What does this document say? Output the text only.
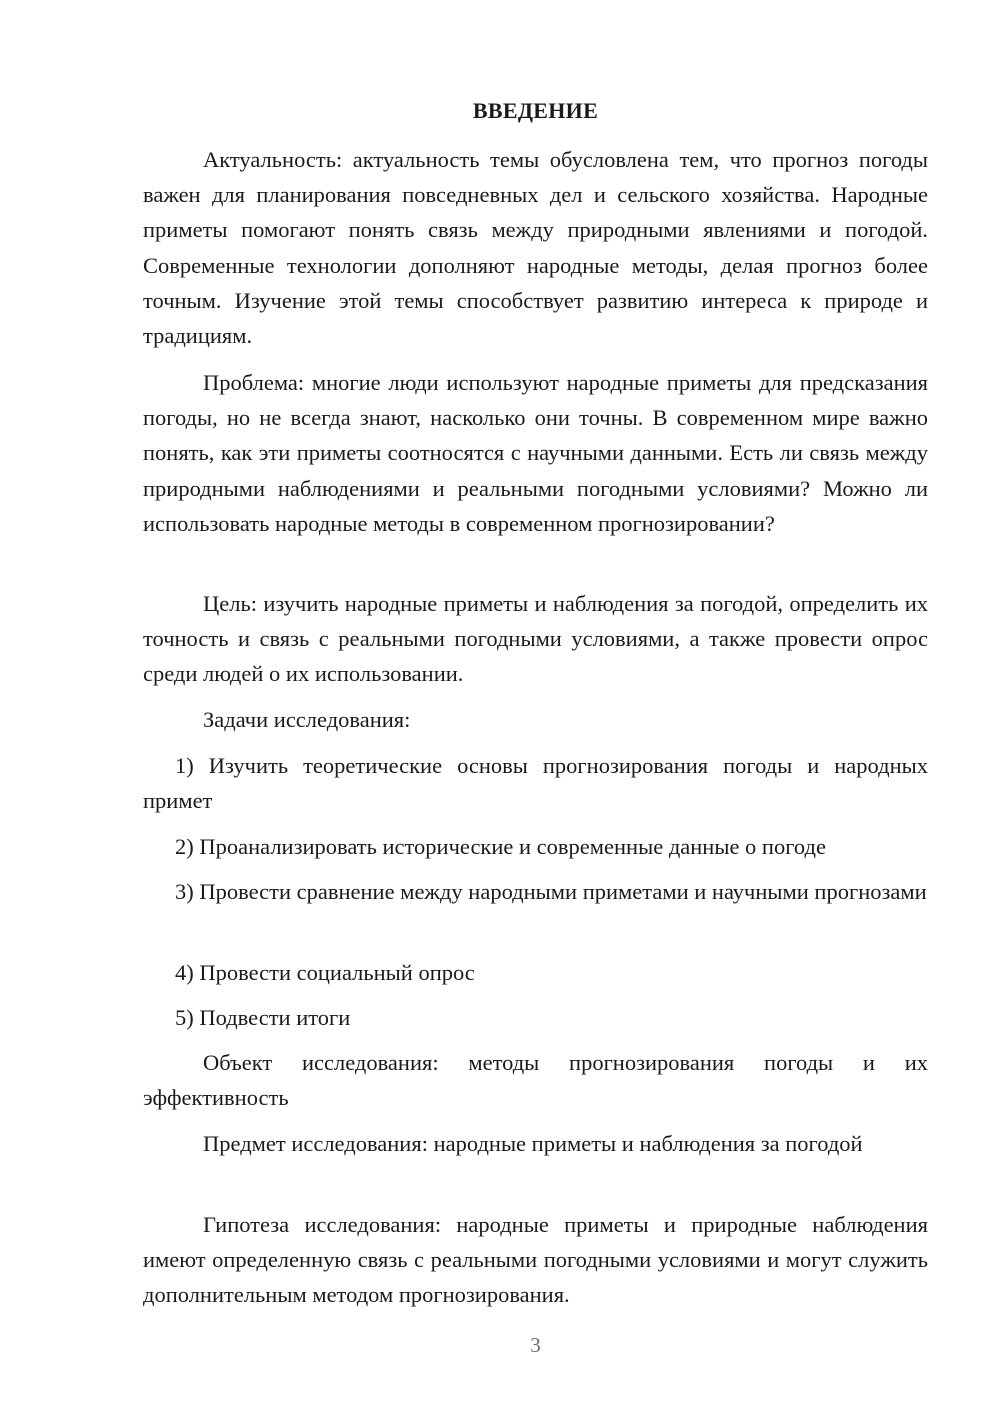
ВВЕДЕНИЕ

Актуальность: актуальность темы обусловлена тем, что прогноз погоды важен для планирования повседневных дел и сельского хозяйства. Народные приметы помогают понять связь между природными явлениями и погодой. Современные технологии дополняют народные методы, делая прогноз более точным. Изучение этой темы способствует развитию интереса к природе и традициям.

Проблема: многие люди используют народные приметы для предсказания погоды, но не всегда знают, насколько они точны. В современном мире важно понять, как эти приметы соотносятся с научными данными. Есть ли связь между природными наблюдениями и реальными погодными условиями? Можно ли использовать народные методы в современном прогнозировании?

Цель: изучить народные приметы и наблюдения за погодой, определить их точность и связь с реальными погодными условиями, а также провести опрос среди людей о их использовании.

Задачи исследования:

1) Изучить теоретические основы прогнозирования погоды и народных примет

2) Проанализировать исторические и современные данные о погоде

3) Провести сравнение между народными приметами и научными прогнозами

4) Провести социальный опрос

5) Подвести итоги

Объект исследования: методы прогнозирования погоды и их эффективность

Предмет исследования: народные приметы и наблюдения за погодой

Гипотеза исследования: народные приметы и природные наблюдения имеют определенную связь с реальными погодными условиями и могут служить дополнительным методом прогнозирования.

3
